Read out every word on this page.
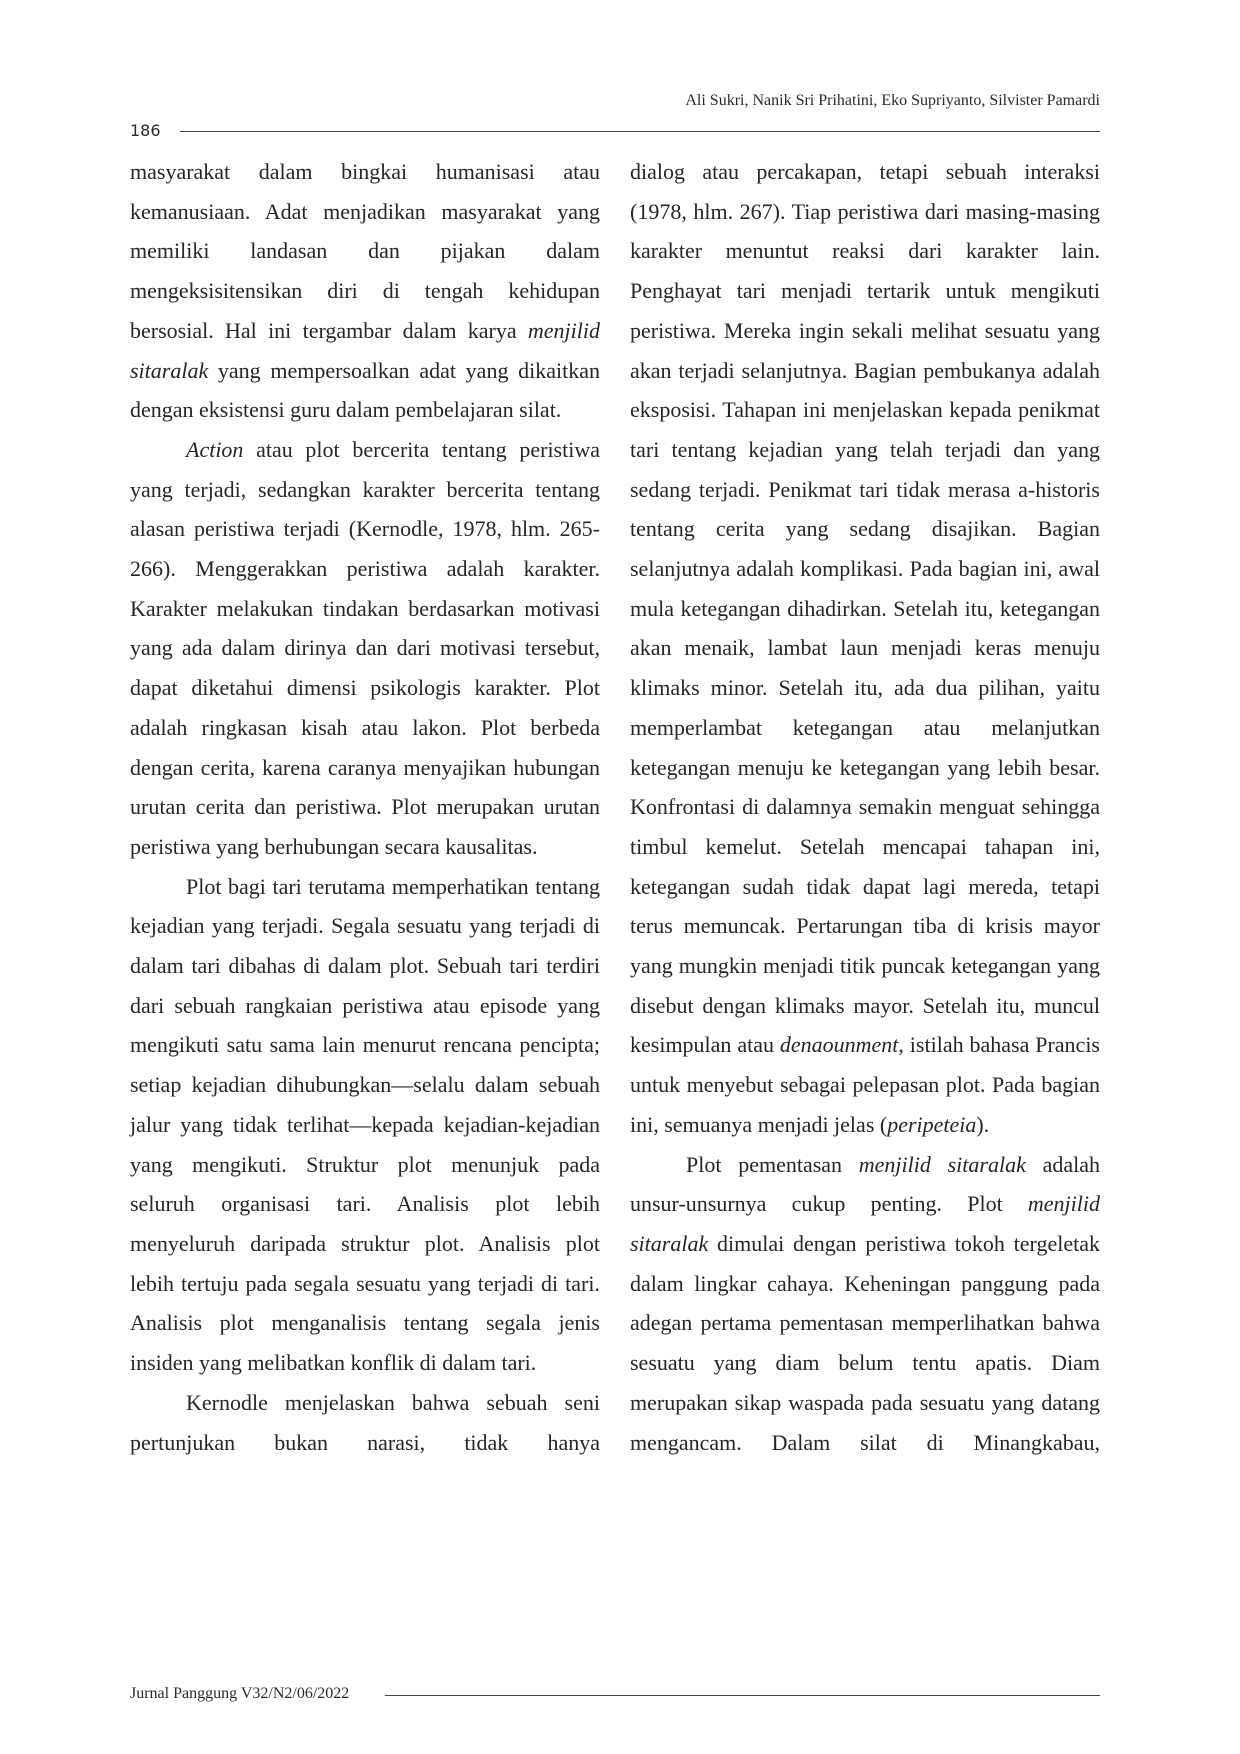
Ali Sukri, Nanik Sri Prihatini, Eko Supriyanto, Silvister Pamardi
186

masyarakat dalam bingkai humanisasi atau kemanusiaan. Adat menjadikan masyarakat yang memiliki landasan dan pijakan dalam mengeksisitensikan diri di tengah kehidupan bersosial. Hal ini tergambar dalam karya menjilid sitaralak yang mempersoalkan adat yang dikaitkan dengan eksistensi guru dalam pembelajaran silat.

Action atau plot bercerita tentang peristiwa yang terjadi, sedangkan karakter bercerita tentang alasan peristiwa terjadi (Kernodle, 1978, hlm. 265-266). Menggerakkan peristiwa adalah karakter. Karakter melakukan tindakan berdasarkan motivasi yang ada dalam dirinya dan dari motivasi tersebut, dapat diketahui dimensi psikologis karakter. Plot adalah ringkasan kisah atau lakon. Plot berbeda dengan cerita, karena caranya menyajikan hubungan urutan cerita dan peristiwa. Plot merupakan urutan peristiwa yang berhubungan secara kausalitas.

Plot bagi tari terutama memperhatikan tentang kejadian yang terjadi. Segala sesuatu yang terjadi di dalam tari dibahas di dalam plot. Sebuah tari terdiri dari sebuah rangkaian peristiwa atau episode yang mengikuti satu sama lain menurut rencana pencipta; setiap kejadian dihubungkan—selalu dalam sebuah jalur yang tidak terlihat—kepada kejadian-kejadian yang mengikuti. Struktur plot menunjuk pada seluruh organisasi tari. Analisis plot lebih menyeluruh daripada struktur plot. Analisis plot lebih tertuju pada segala sesuatu yang terjadi di tari. Analisis plot menganalisis tentang segala jenis insiden yang melibatkan konflik di dalam tari.

Kernodle menjelaskan bahwa sebuah seni pertunjukan bukan narasi, tidak hanya

dialog atau percakapan, tetapi sebuah interaksi (1978, hlm. 267). Tiap peristiwa dari masing-masing karakter menuntut reaksi dari karakter lain. Penghayat tari menjadi tertarik untuk mengikuti peristiwa. Mereka ingin sekali melihat sesuatu yang akan terjadi selanjutnya. Bagian pembukanya adalah eksposisi. Tahapan ini menjelaskan kepada penikmat tari tentang kejadian yang telah terjadi dan yang sedang terjadi. Penikmat tari tidak merasa a-historis tentang cerita yang sedang disajikan. Bagian selanjutnya adalah komplikasi. Pada bagian ini, awal mula ketegangan dihadirkan. Setelah itu, ketegangan akan menaik, lambat laun menjadi keras menuju klimaks minor. Setelah itu, ada dua pilihan, yaitu memperlambat ketegangan atau melanjutkan ketegangan menuju ke ketegangan yang lebih besar. Konfrontasi di dalamnya semakin menguat sehingga timbul kemelut. Setelah mencapai tahapan ini, ketegangan sudah tidak dapat lagi mereda, tetapi terus memuncak. Pertarungan tiba di krisis mayor yang mungkin menjadi titik puncak ketegangan yang disebut dengan klimaks mayor. Setelah itu, muncul kesimpulan atau denaounment, istilah bahasa Prancis untuk menyebut sebagai pelepasan plot. Pada bagian ini, semuanya menjadi jelas (peripeteia).

Plot pementasan menjilid sitaralak adalah unsur-unsurnya cukup penting. Plot menjilid sitaralak dimulai dengan peristiwa tokoh tergeletak dalam lingkar cahaya. Keheningan panggung pada adegan pertama pementasan memperlihatkan bahwa sesuatu yang diam belum tentu apatis. Diam merupakan sikap waspada pada sesuatu yang datang mengancam. Dalam silat di Minangkabau,

Jurnal Panggung V32/N2/06/2022
